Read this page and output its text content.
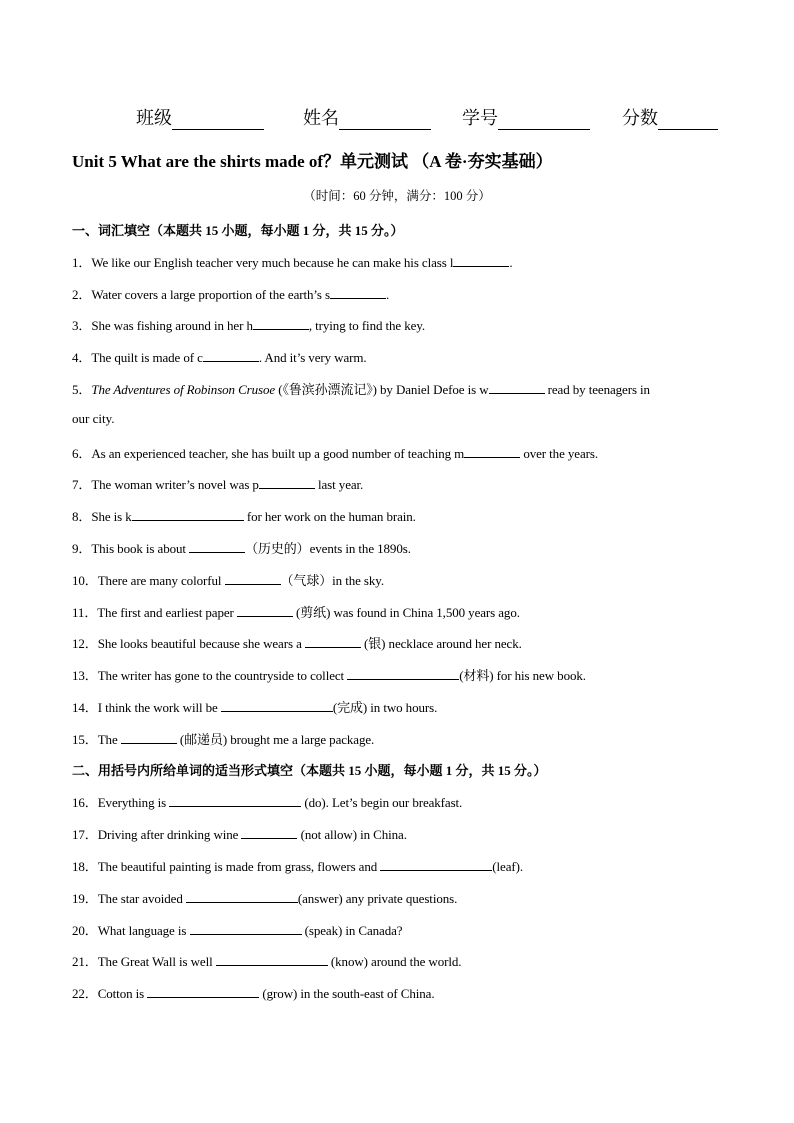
班级	姓名	学号	分数
Unit 5 What are the shirts made of？单元测试 （A 卷·夯实基础）
（时间：60 分钟，满分：100 分）
一、词汇填空（本题共 15 小题，每小题 1 分，共 15 分。）
1．We like our English teacher very much because he can make his class l	.
2．Water covers a large proportion of the earth’s s	.
3．She was fishing around in her h	, trying to find the key.
4．The quilt is made of c	. And it’s very warm.
5．The Adventures of Robinson Crusoe (《鲁滨孙漂流记》) by Daniel Defoe is w	read by teenagers in
our city.
6．As an experienced teacher, she has built up a good number of teaching m	over the years.
7．The woman writer’s novel was p	last year.
8．She is k	for her work on the human brain.
9．This book is about	（历史的）events in the 1890s.
10．There are many colorful	（气球）in the sky.
11．The first and earliest paper	(剪纸) was found in China 1,500 years ago.
12．She looks beautiful because she wears a	(银) necklace around her neck.
13．The writer has gone to the countryside to collect	(材料) for his new book.
14．I think the work will be	(完成) in two hours.
15．The	(邮递员) brought me a large package.
16．Everything is	(do). Let’s begin our breakfast.
17．Driving after drinking wine	(not allow) in China.
18．The beautiful painting is made from grass, flowers and	(leaf).
19．The star avoided	(answer) any private questions.
20．What language is	(speak) in Canada?
21．The Great Wall is well	(know) around the world.
22．Cotton is	(grow) in the south-east of China.
二、用括号内所给单词的适当形式填空（本题共 15 小题，每小题 1 分，共 15 分。）
